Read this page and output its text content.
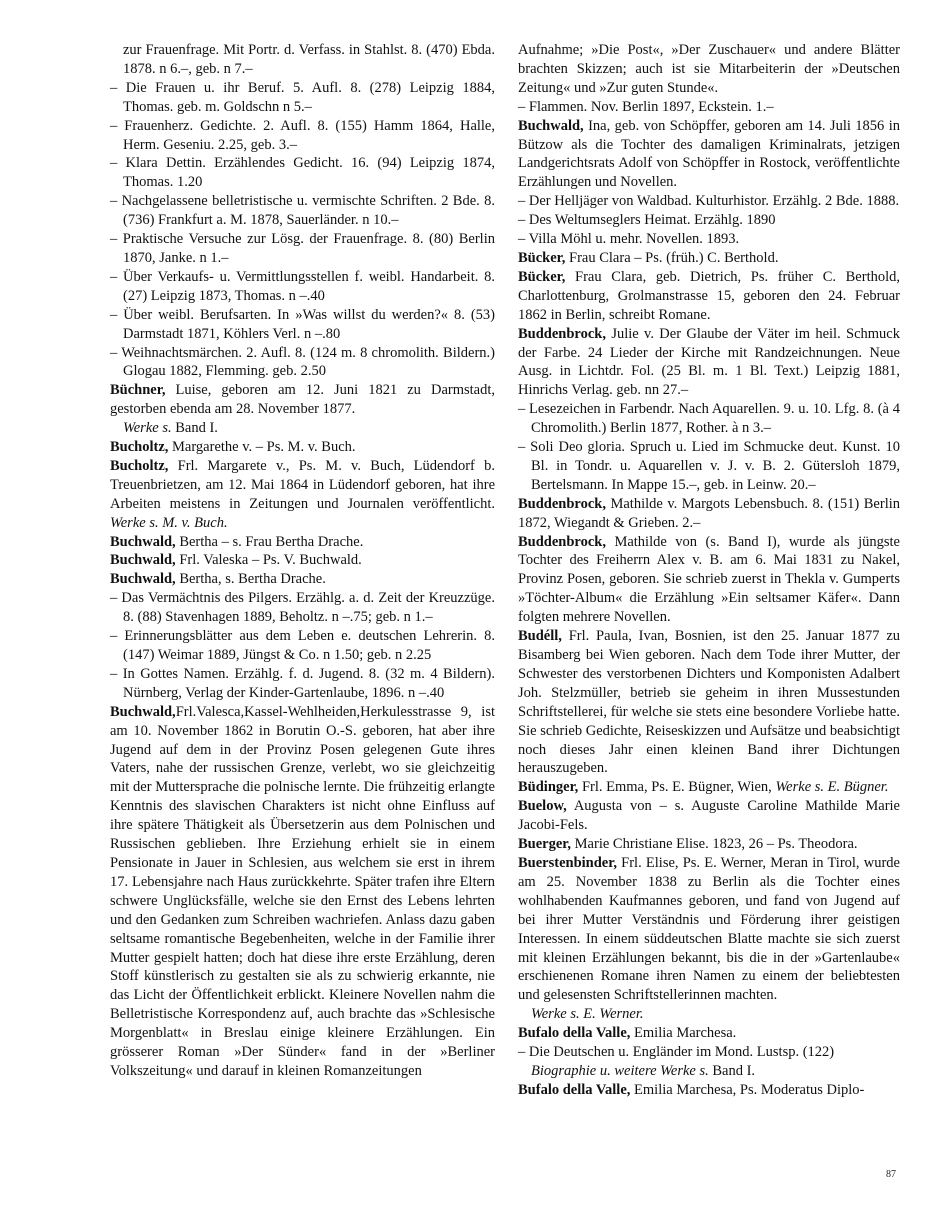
zur Frauenfrage. Mit Portr. d. Verfass. in Stahlst. 8. (470) Ebda. 1878. n 6.–, geb. n 7.–

– Die Frauen u. ihr Beruf. 5. Aufl. 8. (278) Leipzig 1884, Thomas. geb. m. Goldschn n 5.–

– Frauenherz. Gedichte. 2. Aufl. 8. (155) Hamm 1864, Halle, Herm. Geseniu. 2.25, geb. 3.–

– Klara Dettin. Erzählendes Gedicht. 16. (94) Leipzig 1874, Thomas. 1.20

– Nachgelassene belletristische u. vermischte Schriften. 2 Bde. 8. (736) Frankfurt a. M. 1878, Sauerländer. n 10.–

– Praktische Versuche zur Lösg. der Frauenfrage. 8. (80) Berlin 1870, Janke. n 1.–

– Über Verkaufs- u. Vermittlungsstellen f. weibl. Handarbeit. 8. (27) Leipzig 1873, Thomas. n –.40

– Über weibl. Berufsarten. In »Was willst du werden?« 8. (53) Darmstadt 1871, Köhlers Verl. n –.80

– Weihnachtsmärchen. 2. Aufl. 8. (124 m. 8 chromolith. Bildern.) Glogau 1882, Flemming. geb. 2.50

Büchner, Luise, geboren am 12. Juni 1821 zu Darmstadt, gestorben ebenda am 28. November 1877.

Werke s. Band I.

Bucholtz, Margarethe v. – Ps. M. v. Buch.

Bucholtz, Frl. Margarete v., Ps. M. v. Buch, Lüdendorf b. Treuenbrietzen, am 12. Mai 1864 in Lüdendorf geboren, hat ihre Arbeiten meistens in Zeitungen und Journalen veröffentlicht. Werke s. M. v. Buch.

Buchwald, Bertha – s. Frau Bertha Drache.

Buchwald, Frl. Valeska – Ps. V. Buchwald.

Buchwald, Bertha, s. Bertha Drache.

– Das Vermächtnis des Pilgers. Erzählg. a. d. Zeit der Kreuzzüge. 8. (88) Stavenhagen 1889, Beholtz. n –.75; geb. n 1.–

– Erinnerungsblätter aus dem Leben e. deutschen Lehrerin. 8. (147) Weimar 1889, Jüngst & Co. n 1.50; geb. n 2.25

– In Gottes Namen. Erzählg. f. d. Jugend. 8. (32 m. 4 Bildern). Nürnberg, Verlag der Kinder-Gartenlaube, 1896. n –.40

Buchwald,Frl.Valesca,Kassel-Wehlheiden,Herkulesstrasse 9, ist am 10. November 1862 in Borutin O.-S. geboren, hat aber ihre Jugend auf dem in der Provinz Posen gelegenen Gute ihres Vaters, nahe der russischen Grenze, verlebt, wo sie gleichzeitig mit der Muttersprache die polnische lernte. Die frühzeitig erlangte Kenntnis des slavischen Charakters ist nicht ohne Einfluss auf ihre spätere Thätigkeit als Übersetzerin aus dem Polnischen und Russischen geblieben. Ihre Erziehung erhielt sie in einem Pensionate in Jauer in Schlesien, aus welchem sie erst in ihrem 17. Lebensjahre nach Haus zurückkehrte. Später trafen ihre Eltern schwere Unglücksfälle, welche sie den Ernst des Lebens lehrten und den Gedanken zum Schreiben wachriefen. Anlass dazu gaben seltsame romantische Begebenheiten, welche in der Familie ihrer Mutter gespielt hatten; doch hat diese ihre erste Erzählung, deren Stoff künstlerisch zu gestalten sie als zu schwierig erkannte, nie das Licht der Öffentlichkeit erblickt. Kleinere Novellen nahm die Belletristische Korrespondenz auf, auch brachte das »Schlesische Morgenblatt« in Breslau einige kleinere Erzählungen. Ein grösserer Roman »Der Sünder« fand in der »Berliner Volkszeitung« und darauf in kleinen Romanzeitungen

Aufnahme; »Die Post«, »Der Zuschauer« und andere Blätter brachten Skizzen; auch ist sie Mitarbeiterin der »Deutschen Zeitung« und »Zur guten Stunde«.

– Flammen. Nov. Berlin 1897, Eckstein. 1.–

Buchwald, Ina, geb. von Schöpffer, geboren am 14. Juli 1856 in Bützow als die Tochter des damaligen Kriminalrats, jetzigen Landgerichtsrats Adolf von Schöpffer in Rostock, veröffentlichte Erzählungen und Novellen.

– Der Hellјäger von Waldbad. Kulturhistor. Erzählg. 2 Bde. 1888.

– Des Weltumseglers Heimat. Erzählg. 1890

– Villa Möhl u. mehr. Novellen. 1893.

Bücker, Frau Clara – Ps. (früh.) C. Berthold.

Bücker, Frau Clara, geb. Dietrich, Ps. früher C. Berthold, Charlottenburg, Grolmanstrasse 15, geboren den 24. Februar 1862 in Berlin, schreibt Romane.

Buddenbrock, Julie v. Der Glaube der Väter im heil. Schmuck der Farbe. 24 Lieder der Kirche mit Randzeichnungen. Neue Ausg. in Lichtdr. Fol. (25 Bl. m. 1 Bl. Text.) Leipzig 1881, Hinrichs Verlag. geb. nn 27.–

– Lesezeichen in Farbendr. Nach Aquarellen. 9. u. 10. Lfg. 8. (à 4 Chromolith.) Berlin 1877, Rother. à n 3.–

– Soli Deo gloria. Spruch u. Lied im Schmucke deut. Kunst. 10 Bl. in Tondr. u. Aquarellen v. J. v. B. 2. Gütersloh 1879, Bertelsmann. In Mappe 15.–, geb. in Leinw. 20.–

Buddenbrock, Mathilde v. Margots Lebensbuch. 8. (151) Berlin 1872, Wiegandt & Grieben. 2.–

Buddenbrock, Mathilde von (s. Band I), wurde als jüngste Tochter des Freiherrn Alex v. B. am 6. Mai 1831 zu Nakel, Provinz Posen, geboren. Sie schrieb zuerst in Thekla v. Gumperts »Töchter-Album« die Erzählung »Ein seltsamer Käfer«. Dann folgten mehrere Novellen.

Budéll, Frl. Paula, Ivan, Bosnien, ist den 25. Januar 1877 zu Bisamberg bei Wien geboren. Nach dem Tode ihrer Mutter, der Schwester des verstorbenen Dichters und Komponisten Adalbert Joh. Stelzmüller, betrieb sie geheim in ihren Mussestunden Schriftstellerei, für welche sie stets eine besondere Vorliebe hatte. Sie schrieb Gedichte, Reiseskizzen und Aufsätze und beabsichtigt noch dieses Jahr einen kleinen Band ihrer Dichtungen herauszugeben.

Büdinger, Frl. Emma, Ps. E. Bügner, Wien, Werke s. E. Bügner.

Buelow, Augusta von – s. Auguste Caroline Mathilde Marie Jacobi-Fels.

Buerger, Marie Christiane Elise. 1823, 26 – Ps. Theodora.

Buerstenbinder, Frl. Elise, Ps. E. Werner, Meran in Tirol, wurde am 25. November 1838 zu Berlin als die Tochter eines wohlhabenden Kaufmannes geboren, und fand von Jugend auf bei ihrer Mutter Verständnis und Förderung ihrer geistigen Interessen. In einem süddeutschen Blatte machte sie sich zuerst mit kleinen Erzählungen bekannt, bis die in der »Gartenlaube« erschienenen Romane ihren Namen zu einem der beliebtesten und gelesensten Schriftstellerinnen machten.

Werke s. E. Werner.

Bufalo della Valle, Emilia Marchesa.

– Die Deutschen u. Engländer im Mond. Lustsp. (122)

Biographie u. weitere Werke s. Band I.

Bufalo della Valle, Emilia Marchesa, Ps. Moderatus Diplo-

87
